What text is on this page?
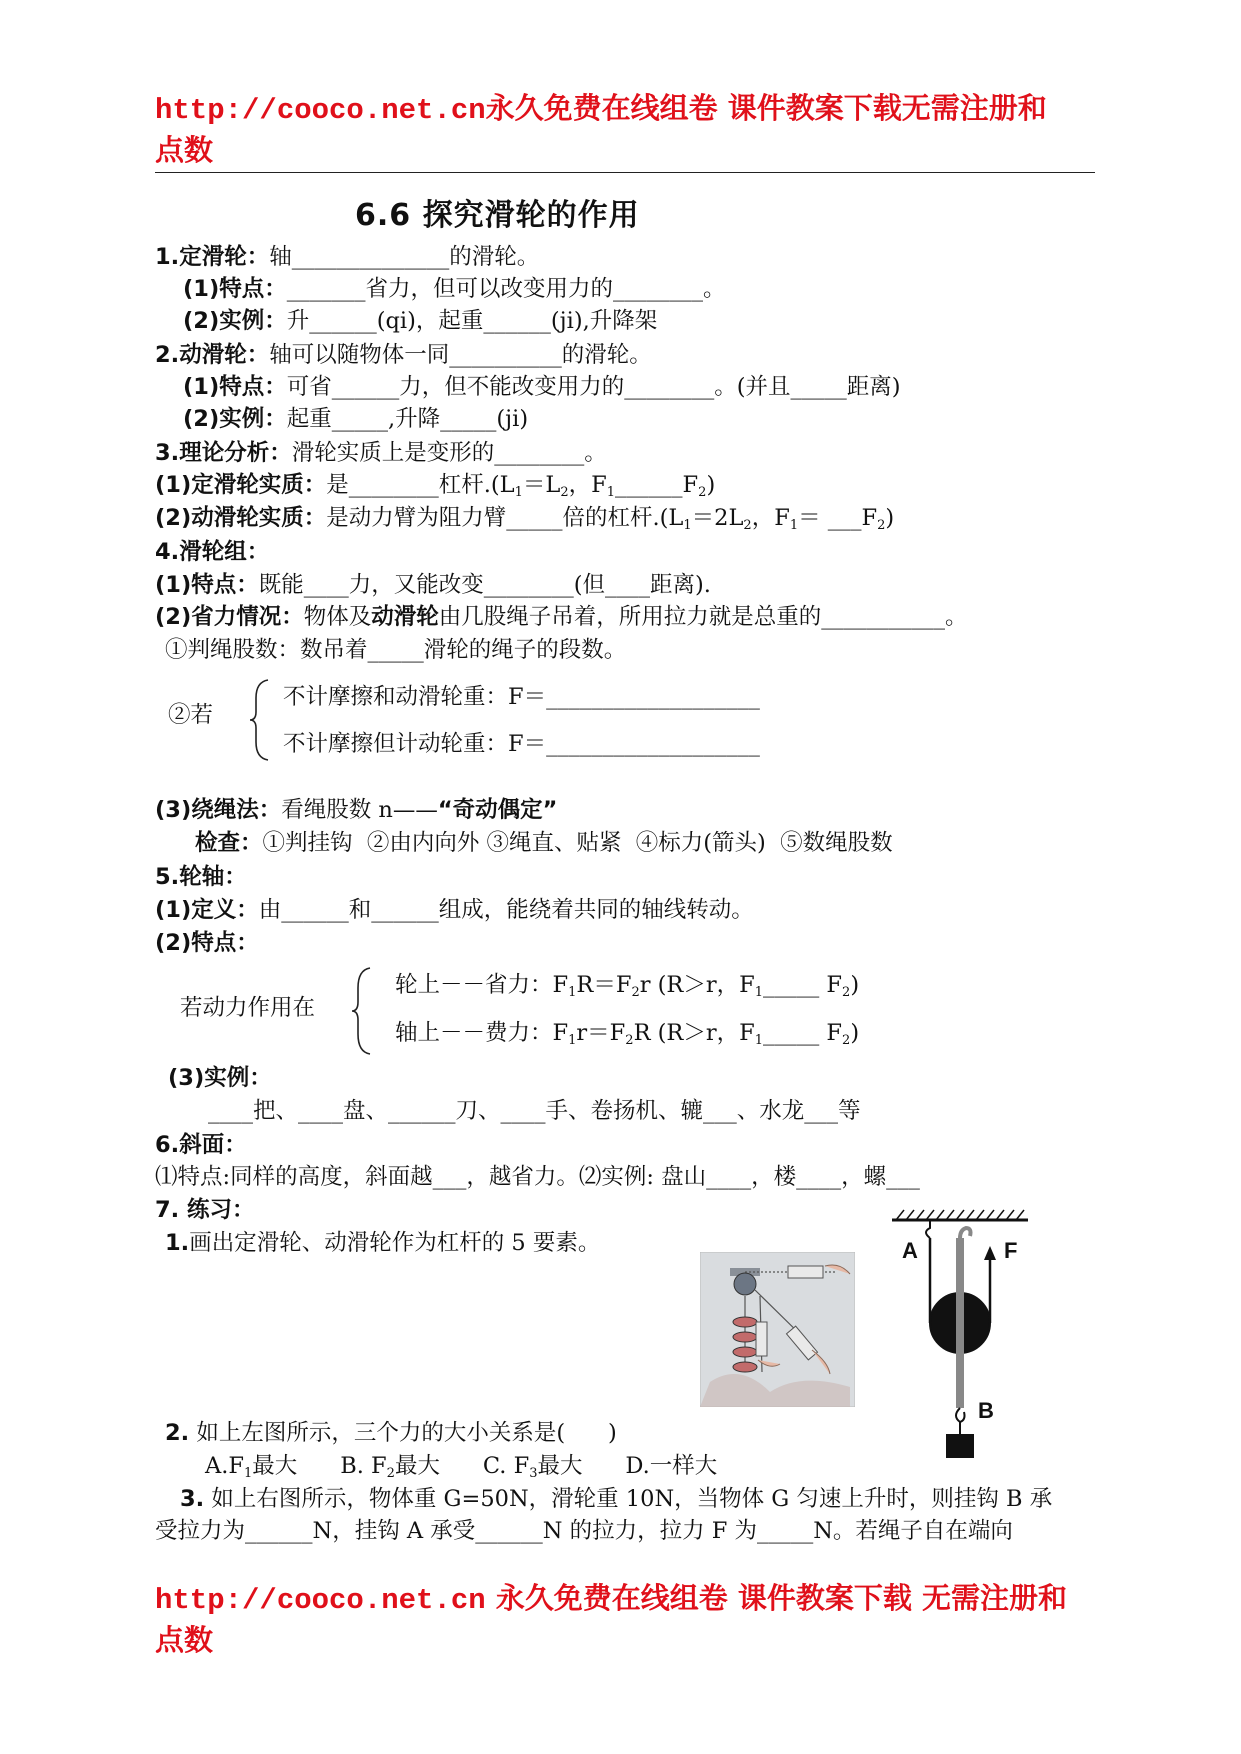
http://cooco.net.cn永久免费在线组卷 课件教案下载无需注册和
点数
6.6 探究滑轮的作用
1.定滑轮：轴______________的滑轮。
(1)特点：_______省力，但可以改变用力的________。
(2)实例：升______(qi)，起重______(ji),升降架
2.动滑轮：轴可以随物体一同__________的滑轮。
(1)特点：可省______力，但不能改变用力的________。(并且_____距离)
(2)实例：起重_____,升降_____(ji)
3.理论分析：滑轮实质上是变形的________。
(1)定滑轮实质：是________杠杆$.(L_1=L_2$，$F_1\_\_\_\_\_\_F_2$)
(2)动滑轮实质：是动力臂为阻力臂_____倍的杠杆$.(L_1=2L_2$，$F_1=$ $\_\_\_F_2$)
4.滑轮组：
(1)特点：既能____力，又能改变________(但____距离).
(2)省力情况：物体及动滑轮由几股绳子吊着，所用拉力就是总重的___________。
①判绳股数：数吊着_____滑轮的绳子的段数。
②若
不计摩擦和动滑轮重：F＝___________________
不计摩擦但计动轮重：F＝___________________
(3)绕绳法：看绳股数 n——“奇动偶定”
检查：①判挂钩  ②由内向外 ③绳直、贴紧  ④标力(箭头)  ⑤数绳股数
5.轮轴：
(1)定义：由______和______组成，能绕着共同的轴线转动。
(2)特点：
若动力作用在
轮上－－省力：$F_1R=F_2r$ (R＞r，$F_1\_\_\_\_\_$ $F_2$)
轴上－－费力：$F_1r=F_2R$ (R＞r，$F_1\_\_\_\_\_$ $F_2$)
(3)实例：
____把、____盘、______刀、____手、卷扬机、辘___、水龙___等
6.斜面：
⑴特点:同样的高度，斜面越___，越省力。⑵实例: 盘山____，楼____，螺___
7. 练习：
1.画出定滑轮、动滑轮作为杠杆的 5 要素。	A	F
B
2. 如上左图所示，三个力的大小关系是(      )
$A.F_1$最大      B. $F_2$最大      C. $F_3$最大      D.一样大
3. 如上右图所示，物体重 G=50N，滑轮重 10N，当物体 G 匀速上升时，则挂钩 B 承
受拉力为______N，挂钩 A 承受______N 的拉力，拉力 F 为_____N。若绳子自在端向
http://cooco.net.cn 永久免费在线组卷 课件教案下载 无需注册和
点数
